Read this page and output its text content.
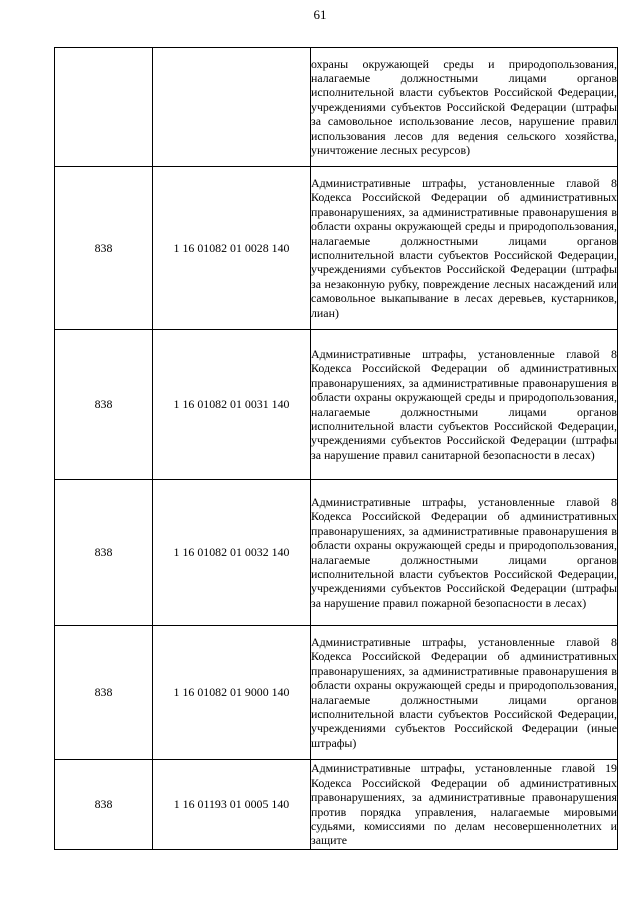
61
		охраны окружающей среды и природопользования, налагаемые должностными лицами органов исполнительной власти субъектов Российской Федерации, учреждениями субъектов Российской Федерации (штрафы за самовольное использование лесов, нарушение правил использования лесов для ведения сельского хозяйства, уничтожение лесных ресурсов)
838	1 16 01082 01 0028 140	Административные штрафы, установленные главой 8 Кодекса Российской Федерации об административных правонарушениях, за административные правонарушения в области охраны окружающей среды и природопользования, налагаемые должностными лицами органов исполнительной власти субъектов Российской Федерации, учреждениями субъектов Российской Федерации (штрафы за незаконную рубку, повреждение лесных насаждений или самовольное выкапывание в лесах деревьев, кустарников, лиан)
838	1 16 01082 01 0031 140	Административные штрафы, установленные главой 8 Кодекса Российской Федерации об административных правонарушениях, за административные правонарушения в области охраны окружающей среды и природопользования, налагаемые должностными лицами органов исполнительной власти субъектов Российской Федерации, учреждениями субъектов Российской Федерации (штрафы за нарушение правил санитарной безопасности в лесах)
838	1 16 01082 01 0032 140	Административные штрафы, установленные главой 8 Кодекса Российской Федерации об административных правонарушениях, за административные правонарушения в области охраны окружающей среды и природопользования, налагаемые должностными лицами органов исполнительной власти субъектов Российской Федерации, учреждениями субъектов Российской Федерации (штрафы за нарушение правил пожарной безопасности в лесах)
838	1 16 01082 01 9000 140	Административные штрафы, установленные главой 8 Кодекса Российской Федерации об административных правонарушениях, за административные правонарушения в области охраны окружающей среды и природопользования, налагаемые должностными лицами органов исполнительной власти субъектов Российской Федерации, учреждениями субъектов Российской Федерации (иные штрафы)
838	1 16 01193 01 0005 140	Административные штрафы, установленные главой 19 Кодекса Российской Федерации об административных правонарушениях, за административные правонарушения против порядка управления, налагаемые мировыми судьями, комиссиями по делам несовершеннолетних и защите
